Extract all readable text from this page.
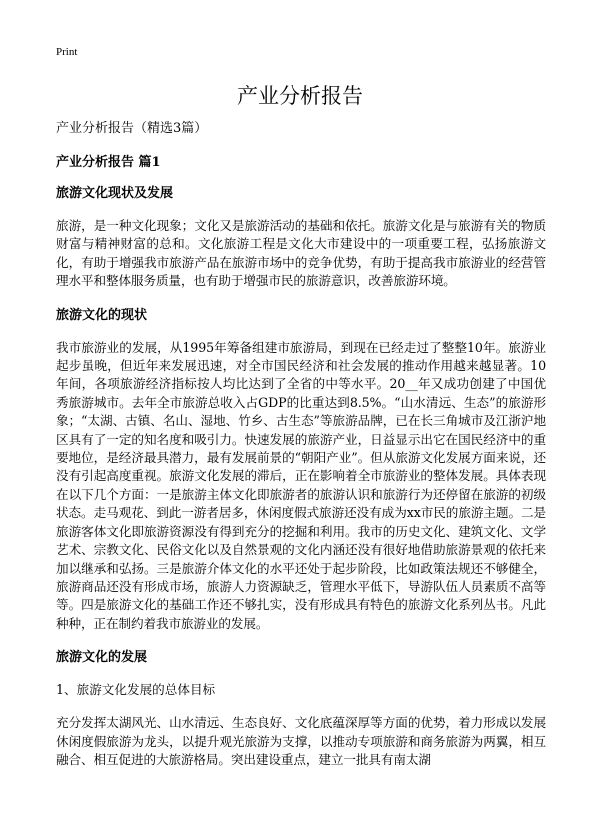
Print
产业分析报告

产业分析报告（精选3篇）

产业分析报告 篇1

旅游文化现状及发展

旅游，是一种文化现象；文化又是旅游活动的基础和依托。旅游文化是与旅游有关的物质财富与精神财富的总和。文化旅游工程是文化大市建设中的一项重要工程，弘扬旅游文化，有助于增强我市旅游产品在旅游市场中的竞争优势，有助于提高我市旅游业的经营管理水平和整体服务质量，也有助于增强市民的旅游意识，改善旅游环境。

旅游文化的现状

我市旅游业的发展，从1995年筹备组建市旅游局，到现在已经走过了整整10年。旅游业起步虽晚，但近年来发展迅速，对全市国民经济和社会发展的推动作用越来越显著。10年间，各项旅游经济指标按人均比达到了全省的中等水平。20__年又成功创建了中国优秀旅游城市。去年全市旅游总收入占GDP的比重达到8.5%。“山水清远、生态”的旅游形象；“太湖、古镇、名山、湿地、竹乡、古生态”等旅游品牌，已在长三角城市及江浙沪地区具有了一定的知名度和吸引力。快速发展的旅游产业，日益显示出它在国民经济中的重要地位，是经济最具潜力，最有发展前景的“朝阳产业”。但从旅游文化发展方面来说，还没有引起高度重视。旅游文化发展的滞后，正在影响着全市旅游业的整体发展。具体表现在以下几个方面：一是旅游主体文化即旅游者的旅游认识和旅游行为还停留在旅游的初级状态。走马观花、到此一游者居多，休闲度假式旅游还没有成为xx市民的旅游主题。二是旅游客体文化即旅游资源没有得到充分的挖掘和利用。我市的历史文化、建筑文化、文学艺术、宗教文化、民俗文化以及自然景观的文化内涵还没有很好地借助旅游景观的依托来加以继承和弘扬。三是旅游介体文化的水平还处于起步阶段，比如政策法规还不够健全，旅游商品还没有形成市场，旅游人力资源缺乏，管理水平低下，导游队伍人员素质不高等等。四是旅游文化的基础工作还不够扎实，没有形成具有特色的旅游文化系列丛书。凡此种种，正在制约着我市旅游业的发展。

旅游文化的发展

1、旅游文化发展的总体目标

充分发挥太湖风光、山水清远、生态良好、文化底蕴深厚等方面的优势，着力形成以发展休闲度假旅游为龙头，以提升观光旅游为支撑，以推动专项旅游和商务旅游为两翼，相互融合、相互促进的大旅游格局。突出建设重点，建立一批具有南太湖
